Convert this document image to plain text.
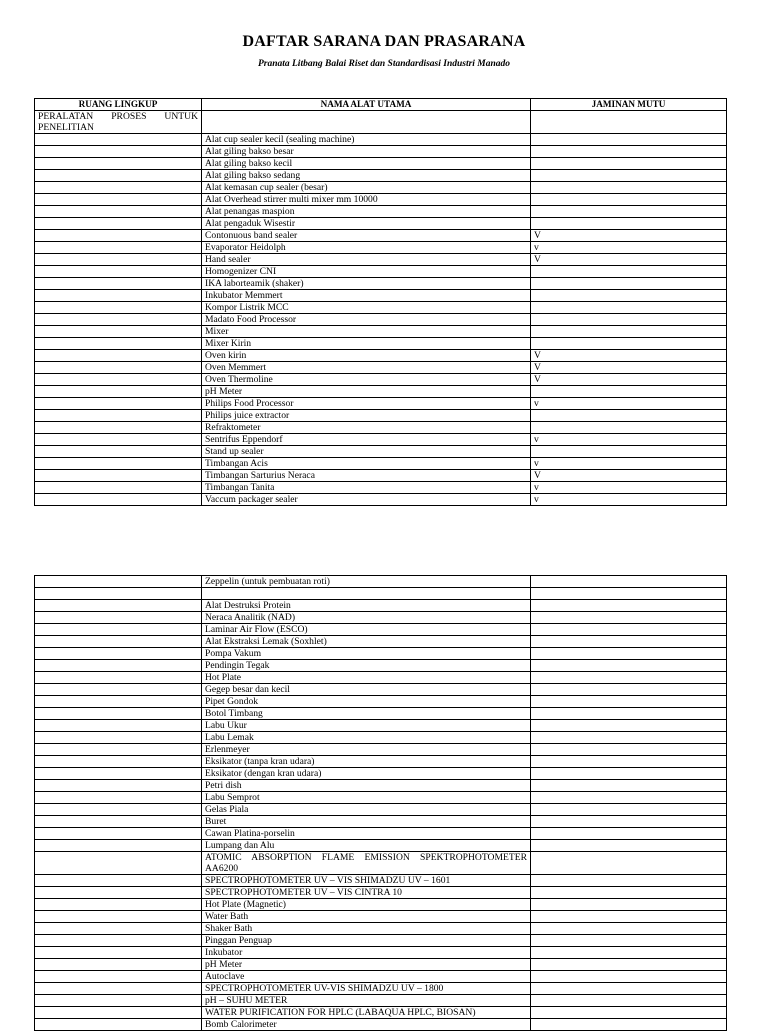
DAFTAR SARANA DAN PRASARANA
Pranata Litbang Balai Riset dan Standardisasi Industri Manado
RUANG LINGKUP	NAMA ALAT UTAMA	JAMINAN MUTU
PERALATAN PROSES UNTUK PENELITIAN		
	Alat cup sealer kecil (sealing machine)	
	Alat giling bakso besar	
	Alat giling bakso kecil	
	Alat giling bakso sedang	
	Alat kemasan cup sealer (besar)	
	Alat Overhead stirrer multi mixer mm 10000	
	Alat penangas maspion	
	Alat pengaduk Wisestir	
	Contonuous band sealer	V
	Evaporator Heidolph	v
	Hand sealer	V
	Homogenizer CNI	
	IKA laborteamik (shaker)	
	Inkubator Memmert	
	Kompor Listrik MCC	
	Madato Food Processor	
	Mixer	
	Mixer Kirin	
	Oven kirin	V
	Oven Memmert	V
	Oven Thermoline	V
	pH Meter	
	Philips Food Processor	v
	Philips juice extractor	
	Refraktometer	
	Sentrifus Eppendorf	v
	Stand up sealer	
	Timbangan Acis	v
	Timbangan Sarturius Neraca	V
	Timbangan Tanita	v
	Vaccum packager sealer	v
	Zeppelin (untuk pembuatan roti)	

	Alat Destruksi Protein	
	Neraca Analitik (NAD)	
	Laminar Air Flow (ESCO)	
	Alat Ekstraksi Lemak (Soxhlet)	
	Pompa Vakum	
	Pendingin Tegak	
	Hot Plate	
	Gegep besar dan kecil	
	Pipet Gondok	
	Botol Timbang	
	Labu Ukur	
	Labu Lemak	
	Erlenmeyer	
	Eksikator (tanpa kran udara)	
	Eksikator (dengan kran udara)	
	Petri dish	
	Labu Semprot	
	Gelas Piala	
	Buret	
	Cawan Platina-porselin	
	Lumpang dan Alu	
	ATOMIC ABSORPTION FLAME EMISSION SPEKTROPHOTOMETER AA6200	
	SPECTROPHOTOMETER UV – VIS SHIMADZU UV – 1601	
	SPECTROPHOTOMETER UV – VIS CINTRA 10	
	Hot Plate (Magnetic)	
	Water Bath	
	Shaker Bath	
	Pinggan Penguap	
	Inkubator	
	pH Meter	
	Autoclave	
	SPECTROPHOTOMETER UV-VIS SHIMADZU UV – 1800	
	pH – SUHU METER	
	WATER PURIFICATION FOR HPLC (LABAQUA HPLC, BIOSAN)	
	Bomb Calorimeter	
